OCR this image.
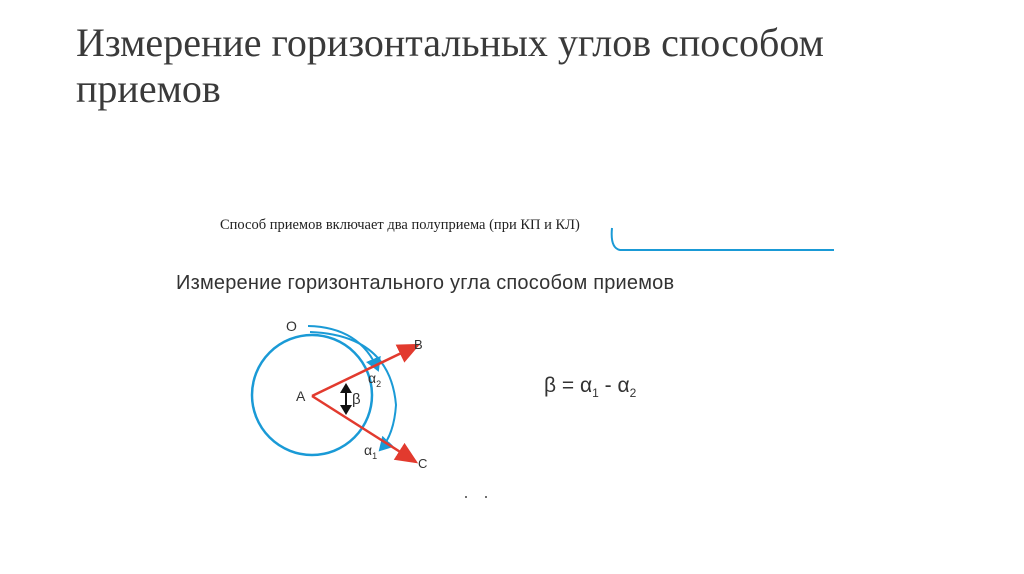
Измерение горизонтальных углов способом приемов
Способ приемов включает два полуприема (при КП и КЛ)
Измерение горизонтального угла способом приемов
O
A
B
C
β
$\alpha_2$
$\alpha_1$
$\beta = \alpha_1 - \alpha_2$
